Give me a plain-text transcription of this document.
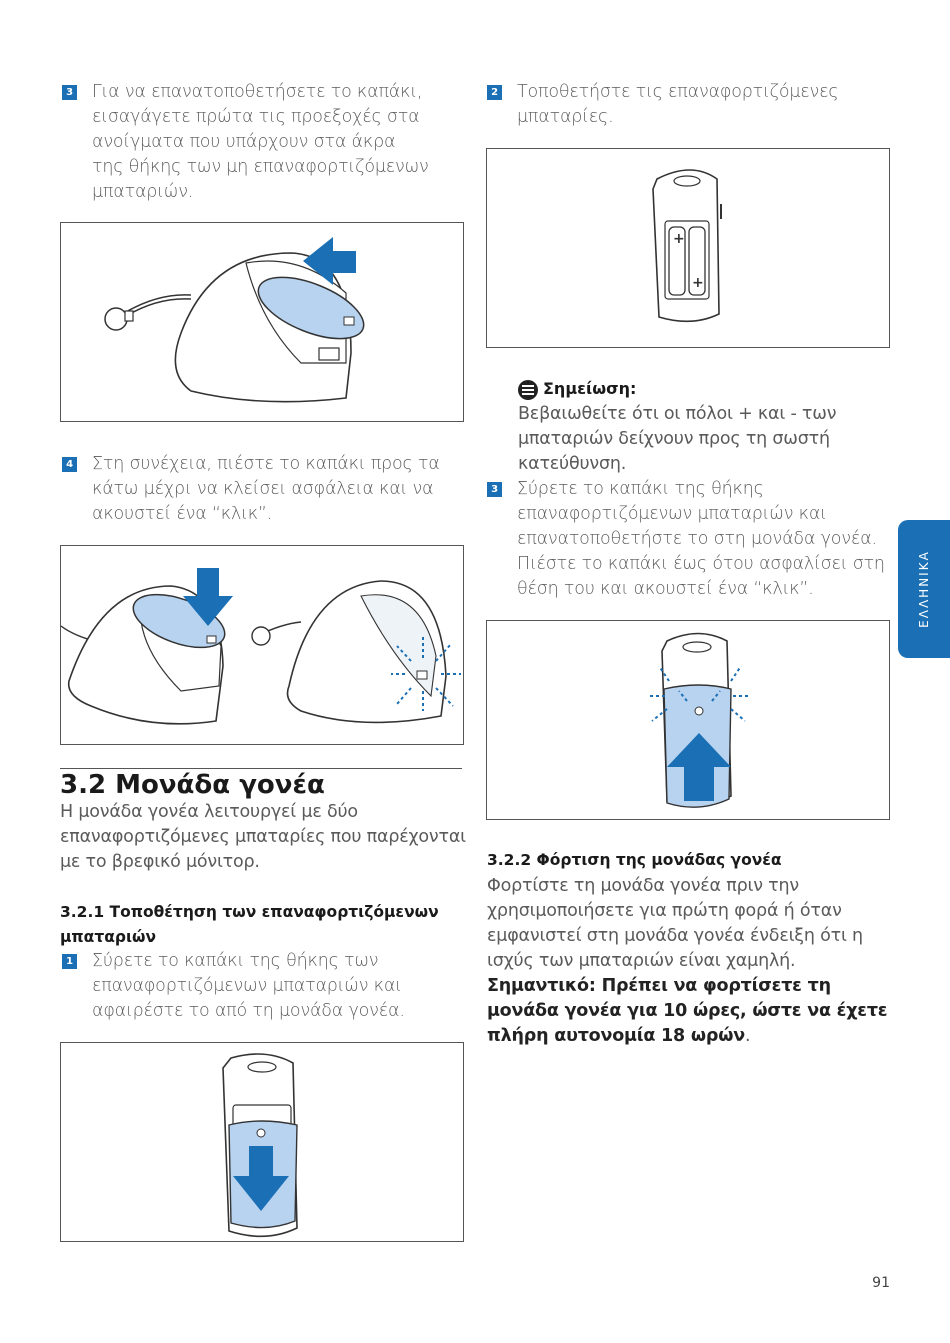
3 Για να επανατοποθετήσετε το καπάκι,
εισαγάγετε πρώτα τις προεξοχές στα
ανοίγματα που υπάρχουν στα άκρα
της θήκης των μη επαναφορτιζόμενων
μπαταριών.
4 Στη συνέχεια, πιέστε το καπάκι προς τα
κάτω μέχρι να κλείσει ασφάλεια και να
ακουστεί ένα “κλικ”.
3.2 Μονάδα γονέα
Η μονάδα γονέα λειτουργεί με δύο
επαναφορτιζόμενες μπαταρίες που παρέχονται
με το βρεφικό μόνιτορ.
3.2.1 Τοποθέτηση των επαναφορτιζόμενων
μπαταριών
1 Σύρετε το καπάκι της θήκης των
επαναφορτιζόμενων μπαταριών και
αφαιρέστε το από τη μονάδα γονέα.
2 Τοποθετήστε τις επαναφορτιζόμενες
μπαταρίες.
+
+
Σημείωση:
Βεβαιωθείτε ότι οι πόλοι + και - των
μπαταριών δείχνουν προς τη σωστή
κατεύθυνση.
3 Σύρετε το καπάκι της θήκης
επαναφορτιζόμενων μπαταριών και
επανατοποθετήστε το στη μονάδα γονέα.
Πιέστε το καπάκι έως ότου ασφαλίσει στη
θέση του και ακουστεί ένα “κλικ”.
3.2.2 Φόρτιση της μονάδας γονέα
Φορτίστε τη μονάδα γονέα πριν την
χρησιμοποιήσετε για πρώτη φορά ή όταν
εμφανιστεί στη μονάδα γονέα ένδειξη ότι η
ισχύς των μπαταριών είναι χαμηλή.
Σημαντικό: Πρέπει να φορτίσετε τη
μονάδα γονέα για 10 ώρες, ώστε να έχετε
πλήρη αυτονομία 18 ωρών.
ΕΛΛΗΝΙΚΑ
91
